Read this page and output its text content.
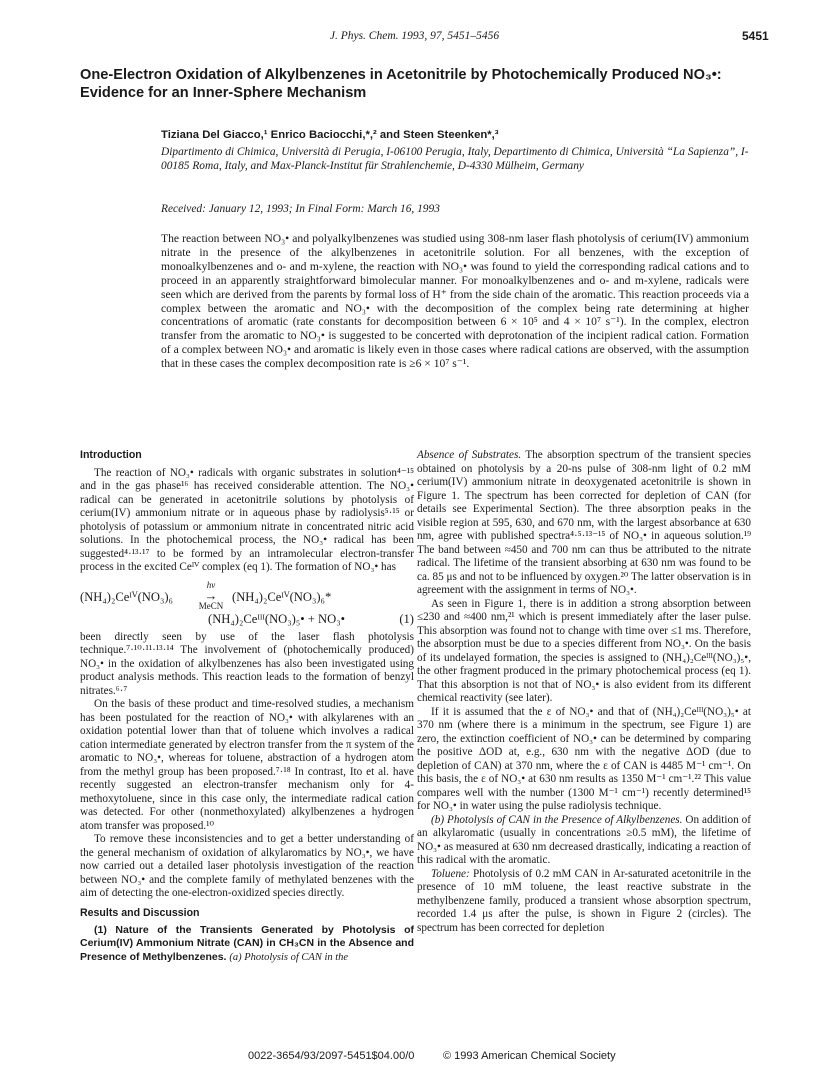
J. Phys. Chem. 1993, 97, 5451–5456	5451
One-Electron Oxidation of Alkylbenzenes in Acetonitrile by Photochemically Produced NO₃•: Evidence for an Inner-Sphere Mechanism
Tiziana Del Giacco,¹ Enrico Baciocchi,*,² and Steen Steenken*,³
Dipartimento di Chimica, Università di Perugia, I-06100 Perugia, Italy, Departimento di Chimica, Università “La Sapienza”, I-00185 Roma, Italy, and Max-Planck-Institut für Strahlenchemie, D-4330 Mülheim, Germany
Received: January 12, 1993; In Final Form: March 16, 1993
The reaction between NO₃• and polyalkylbenzenes was studied using 308-nm laser flash photolysis of cerium(IV) ammonium nitrate in the presence of the alkylbenzenes in acetonitrile solution. For all benzenes, with the exception of monoalkylbenzenes and o- and m-xylene, the reaction with NO₃• was found to yield the corresponding radical cations and to proceed in an apparently straightforward bimolecular manner. For monoalkylbenzenes and o- and m-xylene, radicals were seen which are derived from the parents by formal loss of H⁺ from the side chain of the aromatic. This reaction proceeds via a complex between the aromatic and NO₃• with the decomposition of the complex being rate determining at higher concentrations of aromatic (rate constants for decomposition between 6 × 10⁵ and 4 × 10⁷ s⁻¹). In the complex, electron transfer from the aromatic to NO₃• is suggested to be concerted with deprotonation of the incipient radical cation. Formation of a complex between NO₃• and aromatic is likely even in those cases where radical cations are observed, with the assumption that in these cases the complex decomposition rate is ≥6 × 10⁷ s⁻¹.
Introduction

The reaction of NO₃• radicals with organic substrates in solution⁴⁻¹⁵ and in the gas phase¹⁶ has received considerable attention. The NO₃• radical can be generated in acetonitrile solutions by photolysis of cerium(IV) ammonium nitrate or in aqueous phase by radiolysis⁵·¹⁵ or photolysis of potassium or ammonium nitrate in concentrated nitric acid solutions. In the photochemical process, the NO₃• radical has been suggested⁴·¹³·¹⁷ to be formed by an intramolecular electron-transfer process in the excited Ceᴵⱽ complex (eq 1). The formation of NO₃• has

(NH₄)₂Ceᴵⱽ(NO₃)₆
hν
→
MeCN
(NH₄)₂Ceᴵⱽ(NO₃)₆*
(NH₄)₂Ceᴵᴵᴵ(NO₃)₅• + NO₃•	(1)

been directly seen by use of the laser flash photolysis technique.⁷·¹⁰·¹¹·¹³·¹⁴ The involvement of (photochemically produced) NO₃• in the oxidation of alkylbenzenes has also been investigated using product analysis methods. This reaction leads to the formation of benzyl nitrates.⁶·⁷

On the basis of these product and time-resolved studies, a mechanism has been postulated for the reaction of NO₃• with alkylarenes with an oxidation potential lower than that of toluene which involves a radical cation intermediate generated by electron transfer from the π system of the aromatic to NO₃•, whereas for toluene, abstraction of a hydrogen atom from the methyl group has been proposed.⁷·¹⁸ In contrast, Ito et al. have recently suggested an electron-transfer mechanism only for 4-methoxytoluene, since in this case only, the intermediate radical cation was detected. For other (nonmethoxylated) alkylbenzenes a hydrogen atom transfer was proposed.¹⁰

To remove these inconsistencies and to get a better understanding of the general mechanism of oxidation of alkylaromatics by NO₃•, we have now carried out a detailed laser photolysis investigation of the reaction between NO₃• and the complete family of methylated benzenes with the aim of detecting the one-electron-oxidized species directly.

Results and Discussion

(1) Nature of the Transients Generated by Photolysis of Cerium(IV) Ammonium Nitrate (CAN) in CH₃CN in the Absence and Presence of Methylbenzenes. (a) Photolysis of CAN in the

Absence of Substrates. The absorption spectrum of the transient species obtained on photolysis by a 20-ns pulse of 308-nm light of 0.2 mM cerium(IV) ammonium nitrate in deoxygenated acetonitrile is shown in Figure 1. The spectrum has been corrected for depletion of CAN (for details see Experimental Section). The three absorption peaks in the visible region at 595, 630, and 670 nm, with the largest absorbance at 630 nm, agree with published spectra⁴·⁵·¹³⁻¹⁵ of NO₃• in aqueous solution.¹⁹ The band between ≈450 and 700 nm can thus be attributed to the nitrate radical. The lifetime of the transient absorbing at 630 nm was found to be ca. 85 μs and not to be influenced by oxygen.²⁰ The latter observation is in agreement with the assignment in terms of NO₃•.

As seen in Figure 1, there is in addition a strong absorption between ≤230 and ≈400 nm,²¹ which is present immediately after the laser pulse. This absorption was found not to change with time over ≤1 ms. Therefore, the absorption must be due to a species different from NO₃•. On the basis of its undelayed formation, the species is assigned to (NH₄)₂Ceᴵᴵᴵ(NO₃)₅•, the other fragment produced in the primary photochemical process (eq 1). That this absorption is not that of NO₃• is also evident from its different chemical reactivity (see later).

If it is assumed that the ε of NO₃• and that of (NH₄)₂Ceᴵᴵᴵ(NO₃)₅• at 370 nm (where there is a minimum in the spectrum, see Figure 1) are zero, the extinction coefficient of NO₃• can be determined by comparing the positive ΔOD at, e.g., 630 nm with the negative ΔOD (due to depletion of CAN) at 370 nm, where the ε of CAN is 4485 M⁻¹ cm⁻¹. On this basis, the ε of NO₃• at 630 nm results as 1350 M⁻¹ cm⁻¹.²² This value compares well with the number (1300 M⁻¹ cm⁻¹) recently determined¹⁵ for NO₃• in water using the pulse radiolysis technique.

(b) Photolysis of CAN in the Presence of Alkylbenzenes. On addition of an alkylaromatic (usually in concentrations ≥0.5 mM), the lifetime of NO₃• as measured at 630 nm decreased drastically, indicating a reaction of this radical with the aromatic.

Toluene: Photolysis of 0.2 mM CAN in Ar-saturated acetonitrile in the presence of 10 mM toluene, the least reactive substrate in the methylbenzene family, produced a transient whose absorption spectrum, recorded 1.4 μs after the pulse, is shown in Figure 2 (circles). The spectrum has been corrected for depletion

0022-3654/93/2097-5451$04.00/0	© 1993 American Chemical Society
